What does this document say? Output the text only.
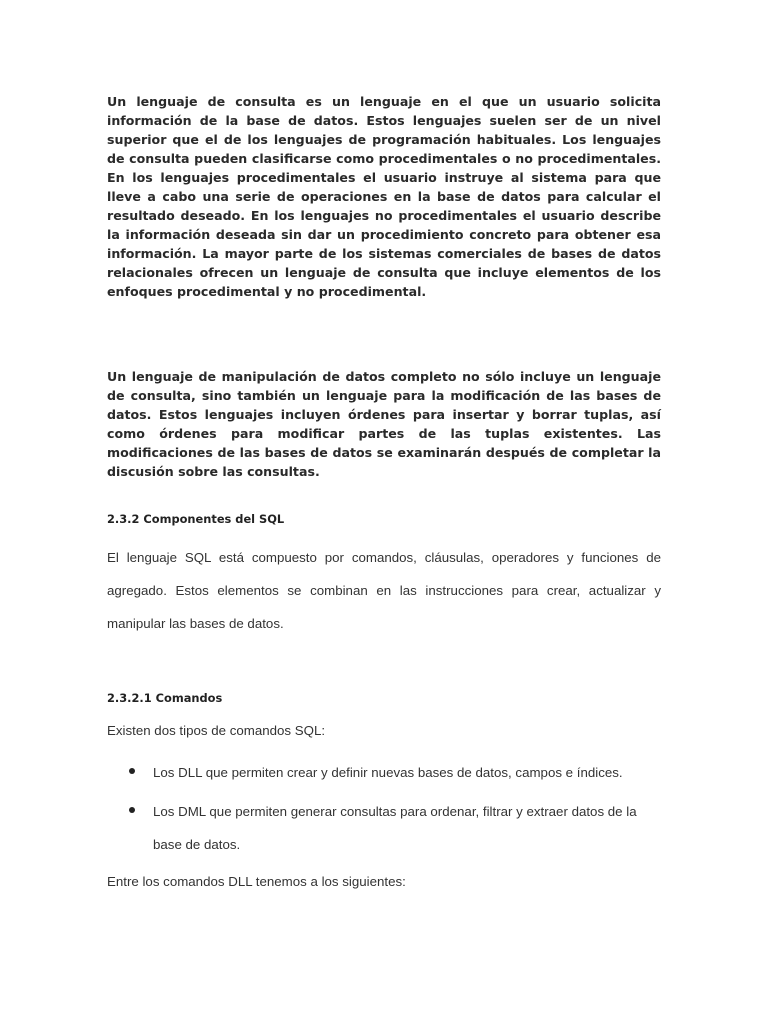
Un lenguaje de consulta es un lenguaje en el que un usuario solicita información de la base de datos. Estos lenguajes suelen ser de un nivel superior que el de los lenguajes de programación habituales. Los lenguajes de consulta pueden clasificarse como procedimentales o no procedimentales. En los lenguajes procedimentales el usuario instruye al sistema para que lleve a cabo una serie de operaciones en la base de datos para calcular el resultado deseado. En los lenguajes no procedimentales el usuario describe la información deseada sin dar un procedimiento concreto para obtener esa información. La mayor parte de los sistemas comerciales de bases de datos relacionales ofrecen un lenguaje de consulta que incluye elementos de los enfoques procedimental y no procedimental.

Un lenguaje de manipulación de datos completo no sólo incluye un lenguaje de consulta, sino también un lenguaje para la modificación de las bases de datos. Estos lenguajes incluyen órdenes para insertar y borrar tuplas, así como órdenes para modificar partes de las tuplas existentes. Las modificaciones de las bases de datos se examinarán después de completar la discusión sobre las consultas.

2.3.2 Componentes del SQL

El lenguaje SQL está compuesto por comandos, cláusulas, operadores y funciones de agregado. Estos elementos se combinan en las instrucciones para crear, actualizar y manipular las bases de datos.

2.3.2.1 Comandos

Existen dos tipos de comandos SQL:

Los DLL que permiten crear y definir nuevas bases de datos, campos e índices.
Los DML que permiten generar consultas para ordenar, filtrar y extraer datos de la base de datos.

Entre los comandos DLL tenemos a los siguientes:
